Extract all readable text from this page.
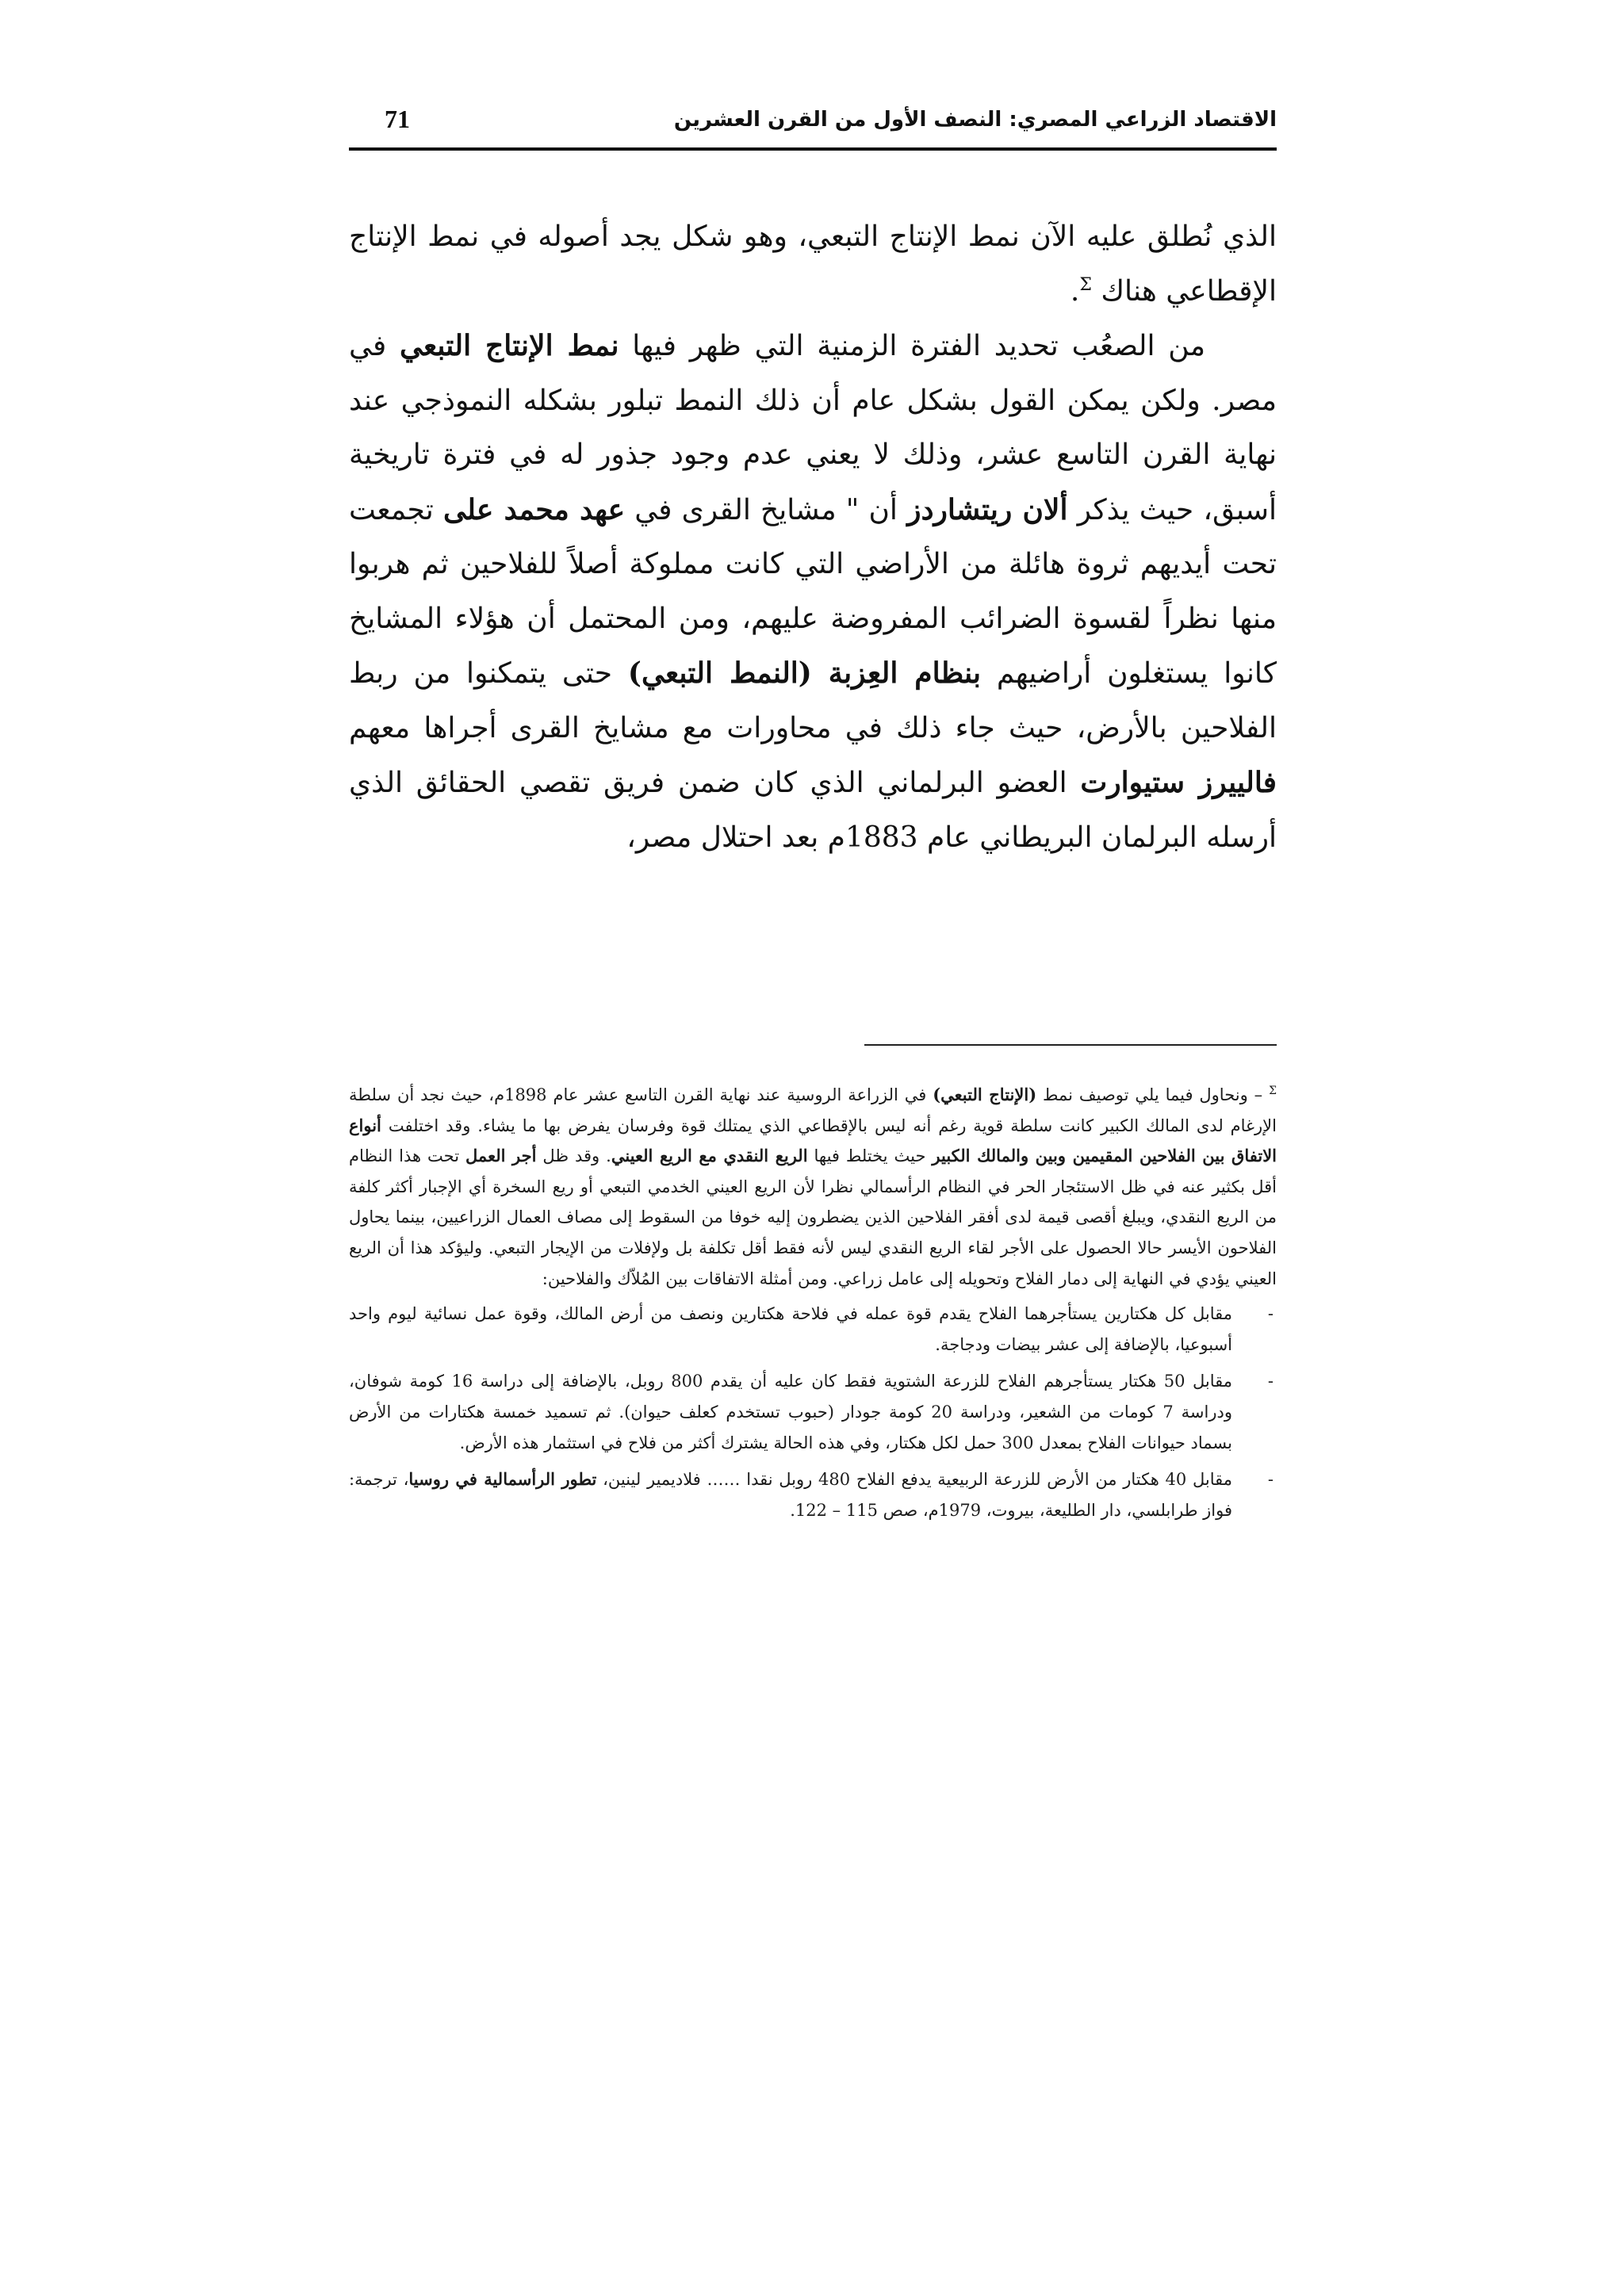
الاقتصاد الزراعي المصري: النصف الأول من القرن العشرين
71

الذي نُطلق عليه الآن نمط الإنتاج التبعي، وهو شكل يجد أصوله في نمط الإنتاج الإقطاعي هناك $^\Sigma$.

من الصعُب تحديد الفترة الزمنية التي ظهر فيها نمط الإنتاج التبعي في مصر. ولكن يمكن القول بشكل عام أن ذلك النمط تبلور بشكله النموذجي عند نهاية القرن التاسع عشر، وذلك لا يعني عدم وجود جذور له في فترة تاريخية أسبق، حيث يذكر ألان ريتشاردز أن " مشايخ القرى في عهد محمد على تجمعت تحت أيديهم ثروة هائلة من الأراضي التي كانت مملوكة أصلاً للفلاحين ثم هربوا منها نظراً لقسوة الضرائب المفروضة عليهم، ومن المحتمل أن هؤلاء المشايخ كانوا يستغلون أراضيهم بنظام العِزبة (النمط التبعي) حتى يتمكنوا من ربط الفلاحين بالأرض، حيث جاء ذلك في محاورات مع مشايخ القرى أجراها معهم فالييرز ستيوارت العضو البرلماني الذي كان ضمن فريق تقصي الحقائق الذي أرسله البرلمان البريطاني عام 1883م بعد احتلال مصر،

$^\Sigma$ – ونحاول فيما يلي توصيف نمط (الإنتاج التبعي) في الزراعة الروسية عند نهاية القرن التاسع عشر عام 1898م، حيث نجد أن سلطة الإرغام لدى المالك الكبير كانت سلطة قوية رغم أنه ليس بالإقطاعي الذي يمتلك قوة وفرسان يفرض بها ما يشاء. وقد اختلفت أنواع الاتفاق بين الفلاحين المقيمين وبين والمالك الكبير حيث يختلط فيها الريع النقدي مع الريع العيني. وقد ظل أجر العمل تحت هذا النظام أقل بكثير عنه في ظل الاستئجار الحر في النظام الرأسمالي نظرا لأن الريع العيني الخدمي التبعي أو ريع السخرة أي الإجبار أكثر كلفة من الريع النقدي، ويبلغ أقصى قيمة لدى أفقر الفلاحين الذين يضطرون إليه خوفا من السقوط إلى مصاف العمال الزراعيين، بينما يحاول الفلاحون الأيسر حالا الحصول على الأجر لقاء الريع النقدي ليس لأنه فقط أقل تكلفة بل ولإفلات من الإيجار التبعي. وليؤكد هذا أن الريع العيني يؤدي في النهاية إلى دمار الفلاح وتحويله إلى عامل زراعي. ومن أمثلة الاتفاقات بين المُلاّك والفلاحين:

-
مقابل كل هكتارين يستأجرهما الفلاح يقدم قوة عمله في فلاحة هكتارين ونصف من أرض المالك، وقوة عمل نسائية ليوم واحد أسبوعيا، بالإضافة إلى عشر بيضات ودجاجة.
-
مقابل 50 هكتار يستأجرهم الفلاح للزرعة الشتوية فقط كان عليه أن يقدم 800 روبل، بالإضافة إلى دراسة 16 كومة شوفان، ودراسة 7 كومات من الشعير، ودراسة 20 كومة جودار (حبوب تستخدم كعلف حيوان). ثم تسميد خمسة هكتارات من الأرض بسماد حيوانات الفلاح بمعدل 300 حمل لكل هكتار، وفي هذه الحالة يشترك أكثر من فلاح في استثمار هذه الأرض.
-
مقابل 40 هكتار من الأرض للزرعة الربيعية يدفع الفلاح 480 روبل نقدا …… فلاديمير لينين، تطور الرأسمالية في روسيا، ترجمة: فواز طرابلسي، دار الطليعة، بيروت، 1979م، صص 115 – 122.
